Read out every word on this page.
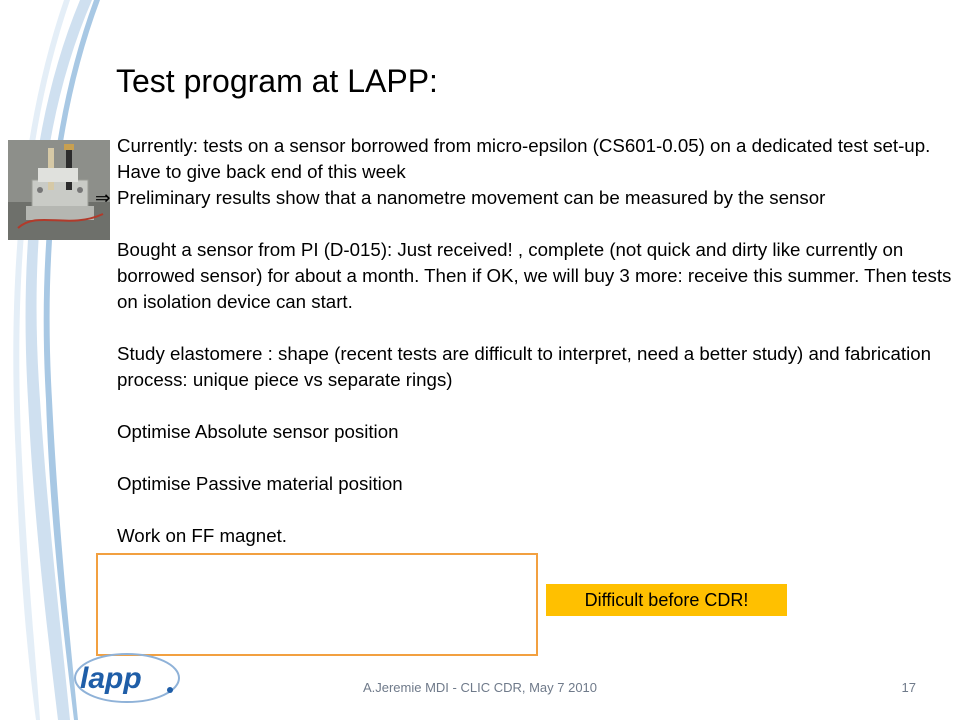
Test program at LAPP:

Currently: tests on a sensor borrowed from micro-epsilon (CS601-0.05) on a dedicated test set-up.

Have to give back end of this week

Preliminary results show that a nanometre movement can be measured by the sensor

Bought a sensor from PI (D-015): Just received! , complete (not quick and dirty like currently on borrowed sensor) for about a month. Then if OK, we will buy 3 more: receive this summer. Then tests on isolation device can start.

Study elastomere : shape (recent tests are difficult to interpret, need a better study) and fabrication process: unique piece vs separate rings)

Optimise Absolute sensor position

Optimise Passive material position

Work on FF magnet.

Difficult before CDR!
lapp	A.Jeremie MDI - CLIC CDR, May 7 2010	17
